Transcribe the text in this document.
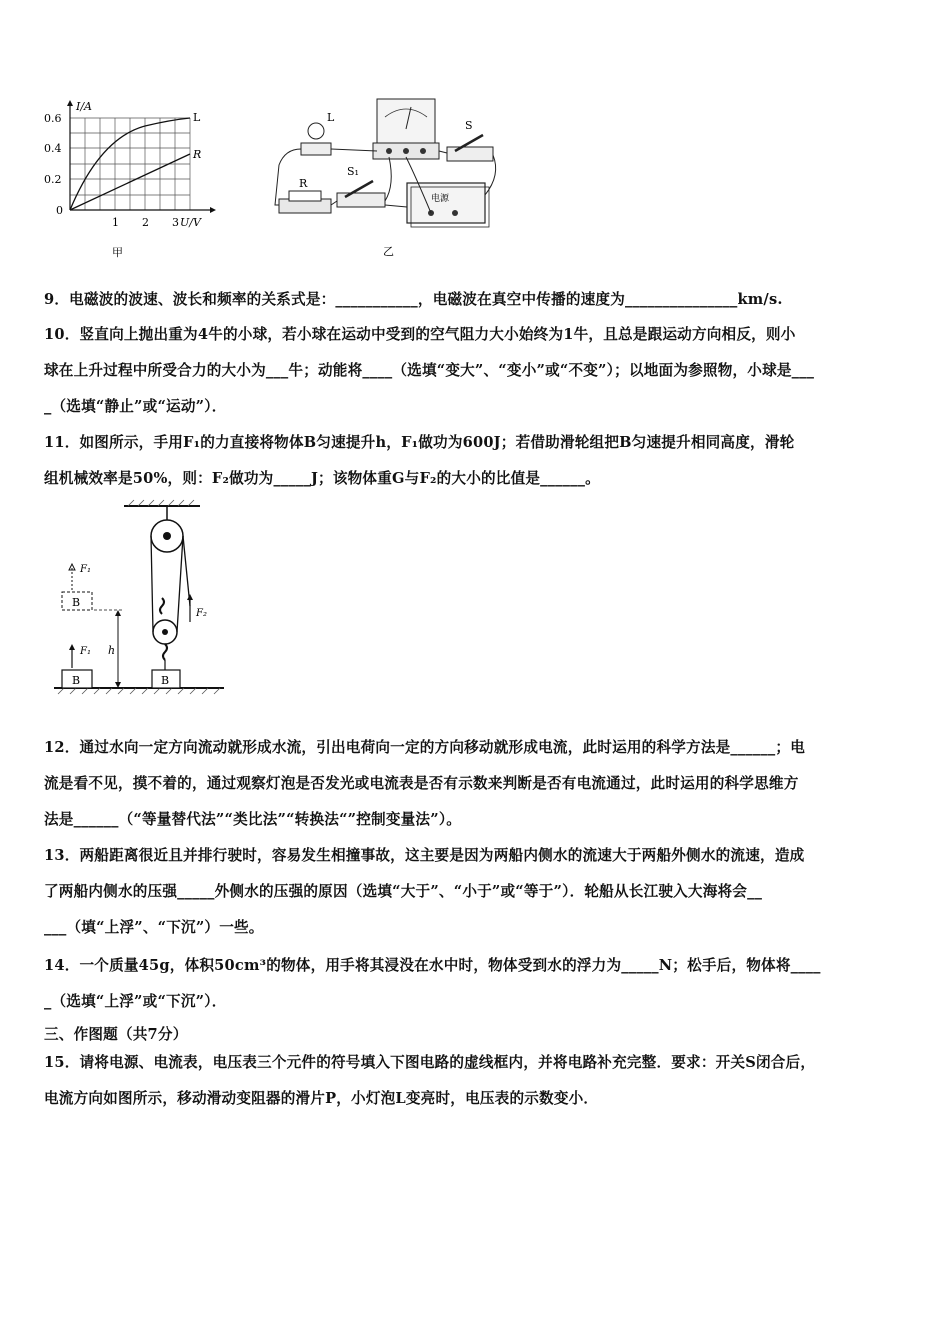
I/A
0.6
0.4
0.2
0
1 2 3 U/V
L
R
甲
L
S
S₁
R
电源
乙
9．电磁波的波速、波长和频率的关系式是：___________，电磁波在真空中传播的速度为_______________km/s.
10．竖直向上抛出重为4牛的小球，若小球在运动中受到的空气阻力大小始终为1牛，且总是跟运动方向相反，则小
球在上升过程中所受合力的大小为___牛；动能将____（选填“变大”、“变小”或“不变”）；以地面为参照物，小球是___
_（选填“静止”或“运动”）．
11．如图所示，手用F₁的力直接将物体B匀速提升h，F₁做功为600J；若借助滑轮组把B匀速提升相同高度，滑轮
组机械效率是50%，则：F₂做功为_____J；该物体重G与F₂的大小的比值是______。
F₂
B
B
F₁
B
F₁
h
12．通过水向一定方向流动就形成水流，引出电荷向一定的方向移动就形成电流，此时运用的科学方法是______；电
流是看不见，摸不着的，通过观察灯泡是否发光或电流表是否有示数来判断是否有电流通过，此时运用的科学思维方
法是______（“等量替代法”“类比法”“转换法“”控制变量法”）。
13．两船距离很近且并排行驶时，容易发生相撞事故，这主要是因为两船内侧水的流速大于两船外侧水的流速，造成
了两船内侧水的压强_____外侧水的压强的原因（选填“大于”、“小于”或“等于”）．轮船从长江驶入大海将会__
___（填“上浮”、“下沉”）一些。
14．一个质量45g，体积50cm³的物体，用手将其浸没在水中时，物体受到水的浮力为_____N；松手后，物体将____
_（选填“上浮”或“下沉”）．
三、作图题（共7分）
15．请将电源、电流表，电压表三个元件的符号填入下图电路的虚线框内，并将电路补充完整．要求：开关S闭合后，
电流方向如图所示，移动滑动变阻器的滑片P，小灯泡L变亮时，电压表的示数变小．
